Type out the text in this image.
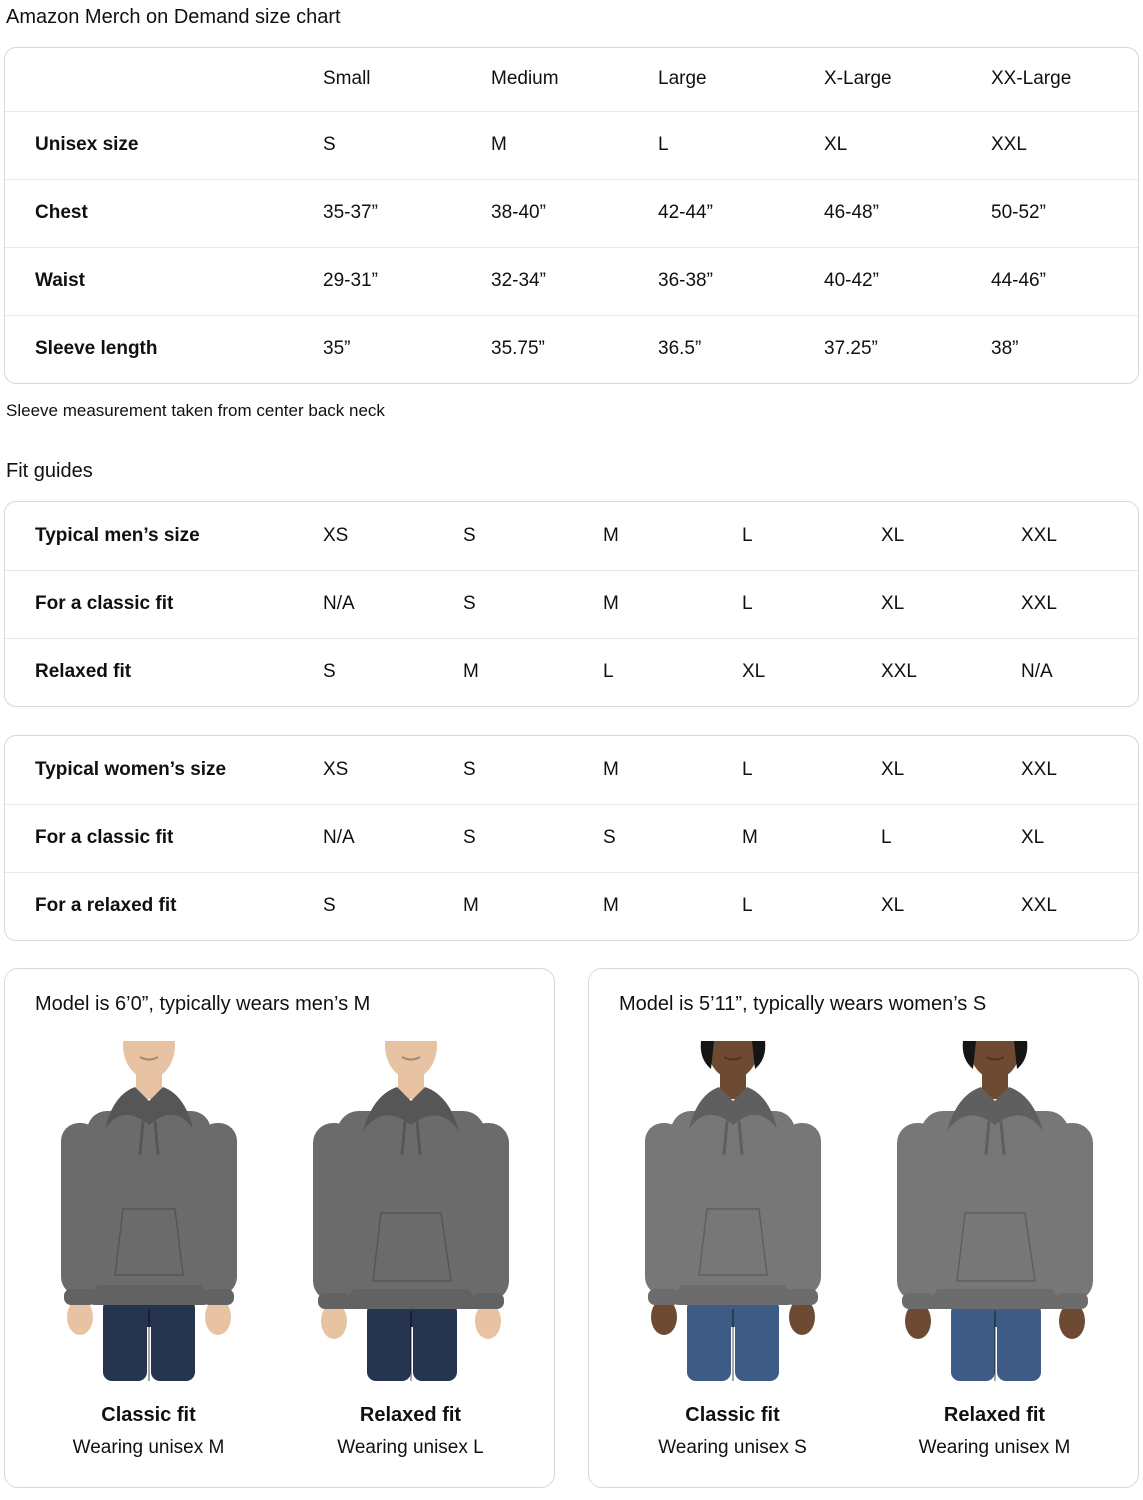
Amazon Merch on Demand size chart
	Small	Medium	Large	X-Large	XX-Large
Unisex size	S	M	L	XL	XXL
Chest	35-37”	38-40”	42-44”	46-48”	50-52”
Waist	29-31”	32-34”	36-38”	40-42”	44-46”
Sleeve length	35”	35.75”	36.5”	37.25”	38”

Sleeve measurement taken from center back neck

Fit guides
Typical men’s size	XS	S	M	L	XL	XXL
For a classic fit	N/A	S	M	L	XL	XXL
Relaxed fit	S	M	L	XL	XXL	N/A
Typical women’s size	XS	S	M	L	XL	XXL
For a classic fit	N/A	S	S	M	L	XL
For a relaxed fit	S	M	M	L	XL	XXL

Model is 6’0”, typically wears men’s M

Classic fit
Wearing unisex M
Relaxed fit
Wearing unisex L

Model is 5’11”, typically wears women’s S

Classic fit
Wearing unisex S
Relaxed fit
Wearing unisex M
